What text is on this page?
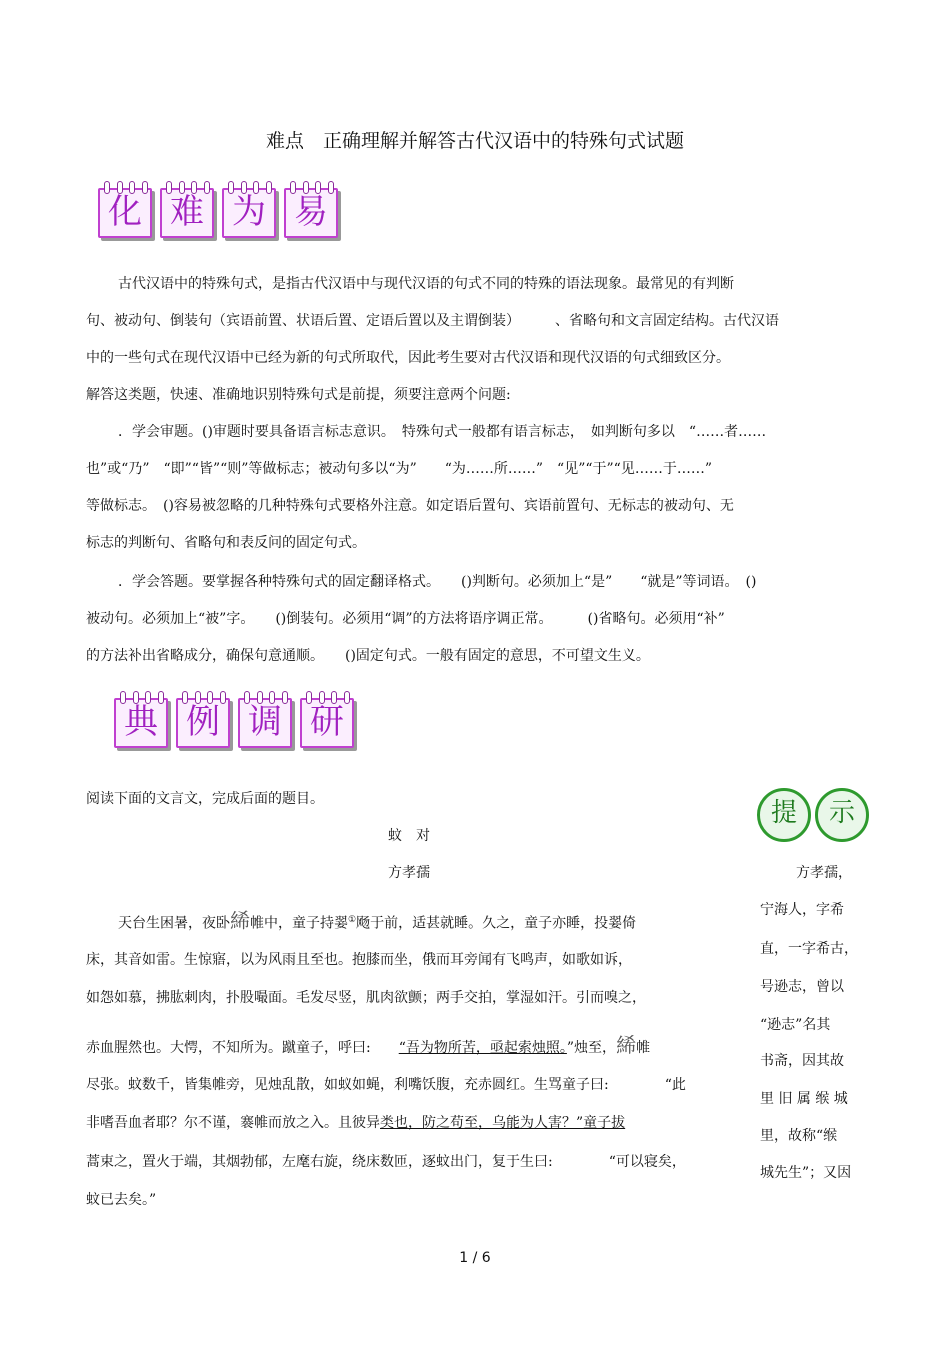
难点　正确理解并解答古代汉语中的特殊句式试题
化 难 为 易
古代汉语中的特殊句式，是指古代汉语中与现代汉语的句式不同的特殊的语法现象。最常见的有判断
句、被动句、倒装句（宾语前置、状语后置、定语后置以及主谓倒装）　　　、省略句和文言固定结构。古代汉语
中的一些句式在现代汉语中已经为新的句式所取代，因此考生要对古代汉语和现代汉语的句式细致区分。
解答这类题，快速、准确地识别特殊句式是前提，须要注意两个问题:
．学会审题。()审题时要具备语言标志意识。　特殊句式一般都有语言标志，　如判断句多以　“……者……
也”或“乃”　“即”“皆”“则”等做标志；被动句多以“为”　　“为……所……”　“见”“于”“见……于……”
等做标志。　()容易被忽略的几种特殊句式要格外注意。如定语后置句、宾语前置句、无标志的被动句、无
标志的判断句、省略句和表反问的固定句式。
．学会答题。要掌握各种特殊句式的固定翻译格式。　　()判断句。必须加上“是”　　“就是”等词语。　()
被动句。必须加上“被”字。　　()倒装句。必须用“调”的方法将语序调正常。　　　()省略句。必须用“补”
的方法补出省略成分，确保句意通顺。　　()固定句式。一般有固定的意思，不可望文生义。
典 例 调 研
阅读下面的文言文，完成后面的题目。	提	示
蚊　对
方孝孺
天台生困暑，夜卧絺帷中，童子持翣①飏于前，适甚就睡。久之，童子亦睡，投翣倚
床，其音如雷。生惊寤，以为风雨且至也。抱膝而坐，俄而耳旁闻有飞鸣声，如歌如诉，
如怨如慕，拂肱刺肉，扑股嘬面。毛发尽竖，肌肉欲颤；两手交拍，掌湿如汗。引而嗅之，
赤血腥然也。大愕，不知所为。蹴童子，呼曰:　　“吾为物所苦，亟起索烛照。”烛至，絺帷
尽张。蚊数千，皆集帷旁，见烛乱散，如蚁如蝇，利嘴饫腹，充赤圆红。生骂童子曰:　　　　“此
非嗜吾血者耶？尔不谨，褰帷而放之入。且彼异类也，防之苟至，乌能为人害？”童子拔
蒿束之，置火于端，其烟勃郁，左麾右旋，绕床数匝，逐蚊出门，复于生曰:　　　　“可以寝矣，
蚊已去矣。”
方孝孺，
宁海人，字希
直，一字希古，
号逊志，曾以
“逊志”名其
书斋，因其故
里 旧 属 缑 城
里，故称“缑
城先生”；又因
1 / 6
